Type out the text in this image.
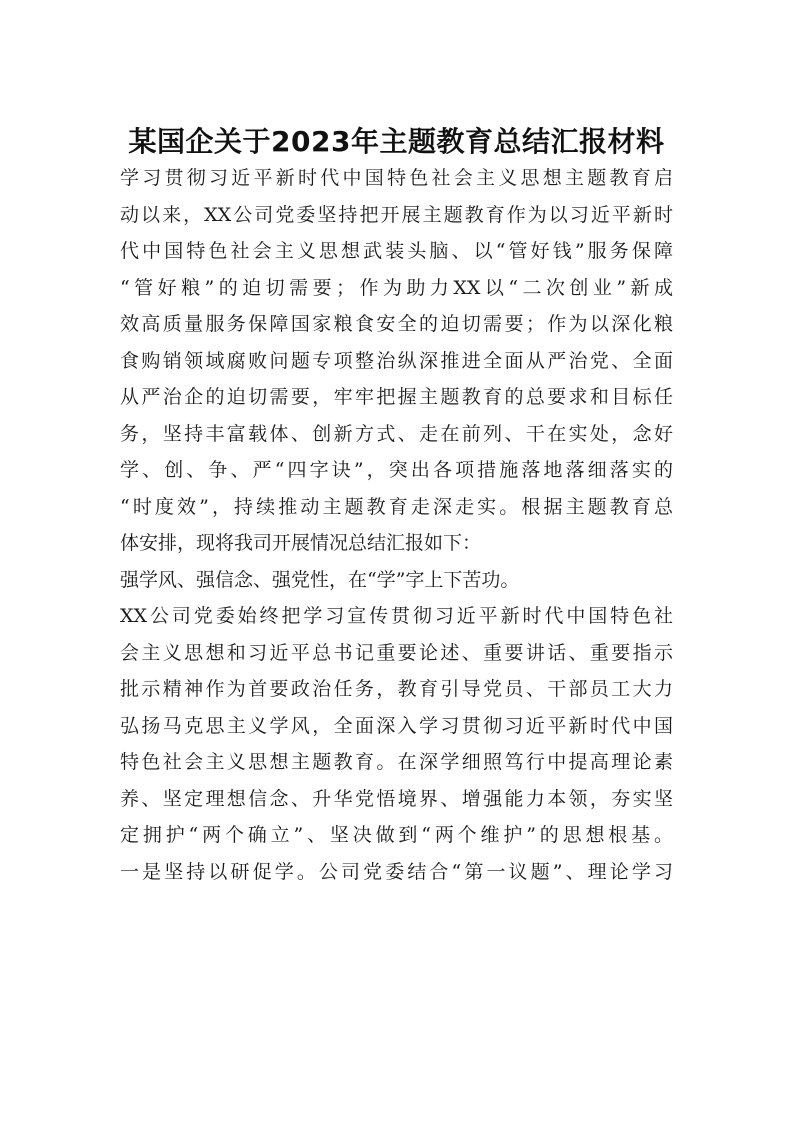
某国企关于2023年主题教育总结汇报材料
学习贯彻习近平新时代中国特色社会主义思想主题教育启
动以来，XX公司党委坚持把开展主题教育作为以习近平新时
代中国特色社会主义思想武装头脑、以“管好钱”服务保障
“管好粮”的迫切需要；作为助力XX以“二次创业”新成
效高质量服务保障国家粮食安全的迫切需要；作为以深化粮
食购销领域腐败问题专项整治纵深推进全面从严治党、全面
从严治企的迫切需要，牢牢把握主题教育的总要求和目标任
务，坚持丰富载体、创新方式、走在前列、干在实处，念好
学、创、争、严“四字诀”，突出各项措施落地落细落实的
“时度效”，持续推动主题教育走深走实。根据主题教育总
体安排，现将我司开展情况总结汇报如下：
强学风、强信念、强党性，在“学”字上下苦功。
XX公司党委始终把学习宣传贯彻习近平新时代中国特色社
会主义思想和习近平总书记重要论述、重要讲话、重要指示
批示精神作为首要政治任务，教育引导党员、干部员工大力
弘扬马克思主义学风，全面深入学习贯彻习近平新时代中国
特色社会主义思想主题教育。在深学细照笃行中提高理论素
养、坚定理想信念、升华党悟境界、增强能力本领，夯实坚
定拥护“两个确立”、坚决做到“两个维护”的思想根基。
一是坚持以研促学。公司党委结合“第一议题”、理论学习
